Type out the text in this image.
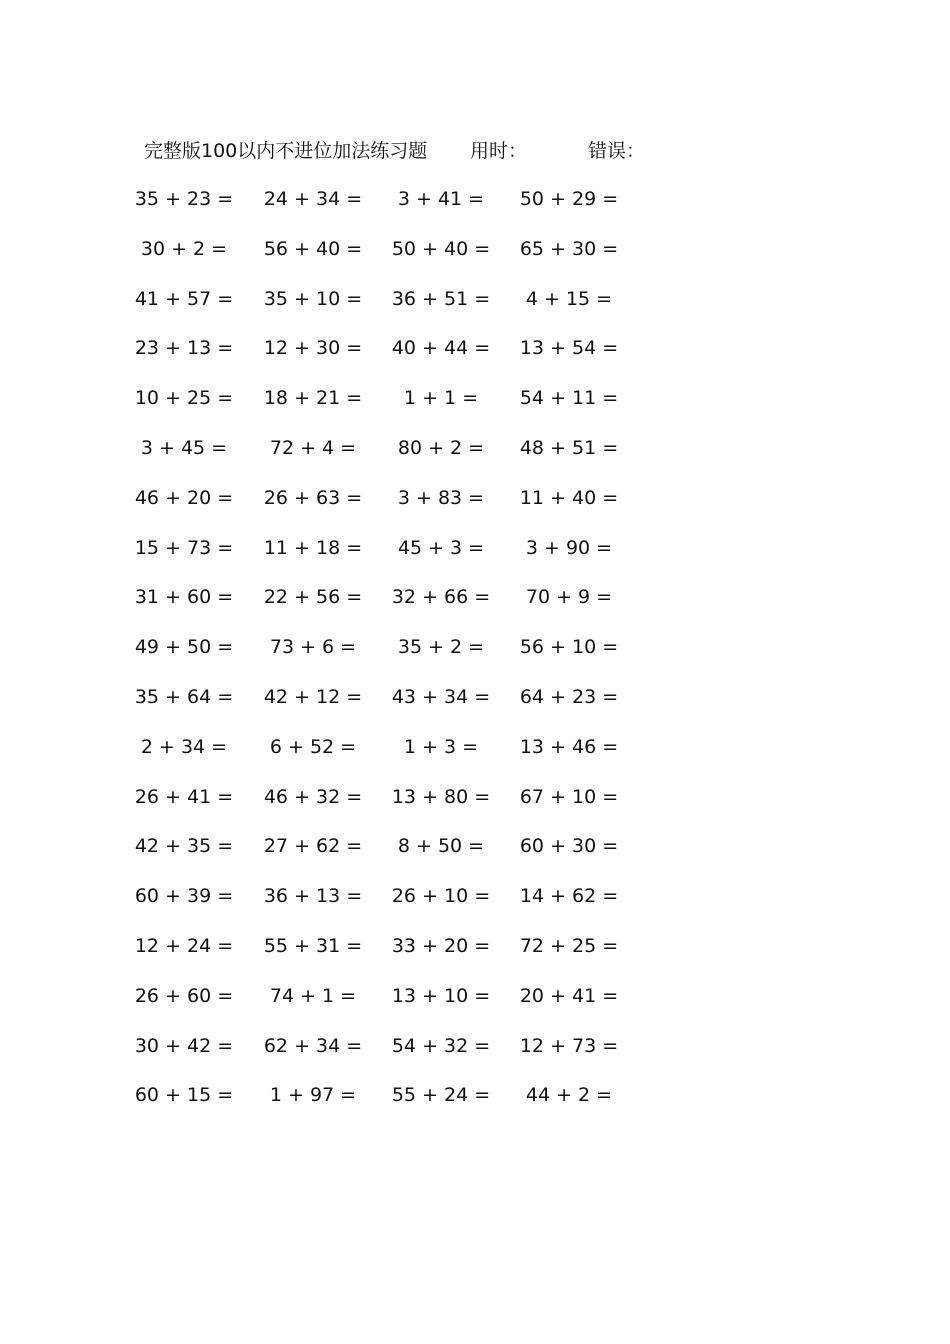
完整版100以内不进位加法练习题 用时：	错误：
35 + 23 = 24 + 34 =	3 + 41 =	50 + 29 =
30 + 2 =	56 + 40 = 50 + 40 = 65 + 30 =
41 + 57 = 35 + 10 = 36 + 51 =	4 + 15 =
23 + 13 = 12 + 30 = 40 + 44 = 13 + 54 =
10 + 25 = 18 + 21 =	1 + 1 =	54 + 11 =
3 + 45 =	72 + 4 =	80 + 2 =	48 + 51 =
46 + 20 = 26 + 63 =	3 + 83 =	11 + 40 =
15 + 73 = 11 + 18 =	45 + 3 =	3 + 90 =
31 + 60 = 22 + 56 = 32 + 66 =	70 + 9 =
49 + 50 =	73 + 6 =	35 + 2 =	56 + 10 =
35 + 64 = 42 + 12 = 43 + 34 = 64 + 23 =
2 + 34 =	6 + 52 =	1 + 3 =	13 + 46 =
26 + 41 = 46 + 32 = 13 + 80 = 67 + 10 =
42 + 35 = 27 + 62 =	8 + 50 =	60 + 30 =
60 + 39 = 36 + 13 = 26 + 10 = 14 + 62 =
12 + 24 = 55 + 31 = 33 + 20 = 72 + 25 =
26 + 60 =	74 + 1 =	13 + 10 = 20 + 41 =
30 + 42 = 62 + 34 = 54 + 32 = 12 + 73 =
60 + 15 =	1 + 97 =	55 + 24 =	44 + 2 =
